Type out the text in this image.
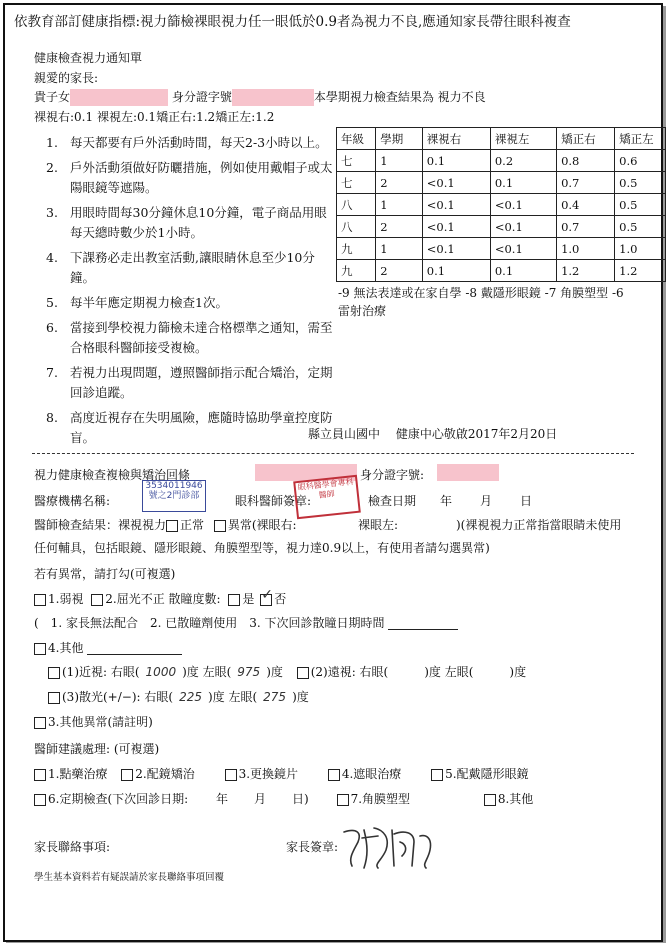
依教育部訂健康指標:視力篩檢裸眼視力任一眼低於0.9者為視力不良,應通知家長帶往眼科複查
健康檢查視力通知單
親愛的家長:
貴子女	身分證字號	本學期視力檢查結果為 視力不良
裸視右:0.1 裸視左:0.1矯正右:1.2矯正左:1.2
1. 每天都要有戶外活動時間，每天2-3小時以上。
2. 戶外活動須做好防曬措施，例如使用戴帽子或太陽眼鏡等遮陽。
3. 用眼時間每30分鐘休息10分鐘，電子商品用眼每天總時數少於1小時。
4. 下課務必走出教室活動,讓眼睛休息至少10分鐘。
5. 每半年應定期視力檢查1次。
6. 當接到學校視力篩檢未達合格標準之通知，需至合格眼科醫師接受複檢。
7. 若視力出現問題，遵照醫師指示配合矯治，定期回診追蹤。
8. 高度近視存在失明風險，應隨時協助學童控度防盲。
年級	學期	裸視右	裸視左	矯正右	矯正左
七	1	0.1	0.2	0.8	0.6
七	2	<0.1	0.1	0.7	0.5
八	1	<0.1	<0.1	0.4	0.5
八	2	<0.1	<0.1	0.7	0.5
九	1	<0.1	<0.1	1.0	1.0
九	2	0.1	0.1	1.2	1.2
-9 無法表達或在家自學 -8 戴隱形眼鏡 -7 角膜塑型 -6雷射治療
縣立員山國中　 健康中心敬啟2017年2月20日
視力健康檢查複檢與矯治回條	身分證字號:
醫療機構名稱:	眼科醫師簽章:	檢查日期 年 月 日
3534011946
號之2門診部
眼科醫學會專科醫師
醫師檢查結果：裸視視力 正常 異常(裸眼右:	裸眼左:	)(裸視視力正常指當眼睛未使用
任何輔具，包括眼鏡、隱形眼鏡、角膜塑型等，視力達0.9以上，有使用者請勾選異常)
若有異常，請打勾(可複選)
1.弱視 2.屈光不正 散瞳度數: 是 ✓ 否
(　1. 家長無法配合　2. 已散瞳劑使用　3. 下次回診散瞳日期時間
4.其他
(1)近視: 右眼( 1000 )度 左眼( 975 )度 (2)遠視: 右眼(　　　)度 左眼(　　　)度
(3)散光(+/−): 右眼( 225 )度 左眼( 275 )度
3.其他異常(請註明)
醫師建議處理: (可複選)
1.點藥治療 2.配鏡矯治	3.更換鏡片	4.遮眼治療	5.配戴隱形眼鏡
6.定期檢查(下次回診日期: 年 月 日)	7.角膜塑型	8.其他
家長聯絡事項:	家長簽章:
學生基本資料若有疑誤請於家長聯絡事項回覆
